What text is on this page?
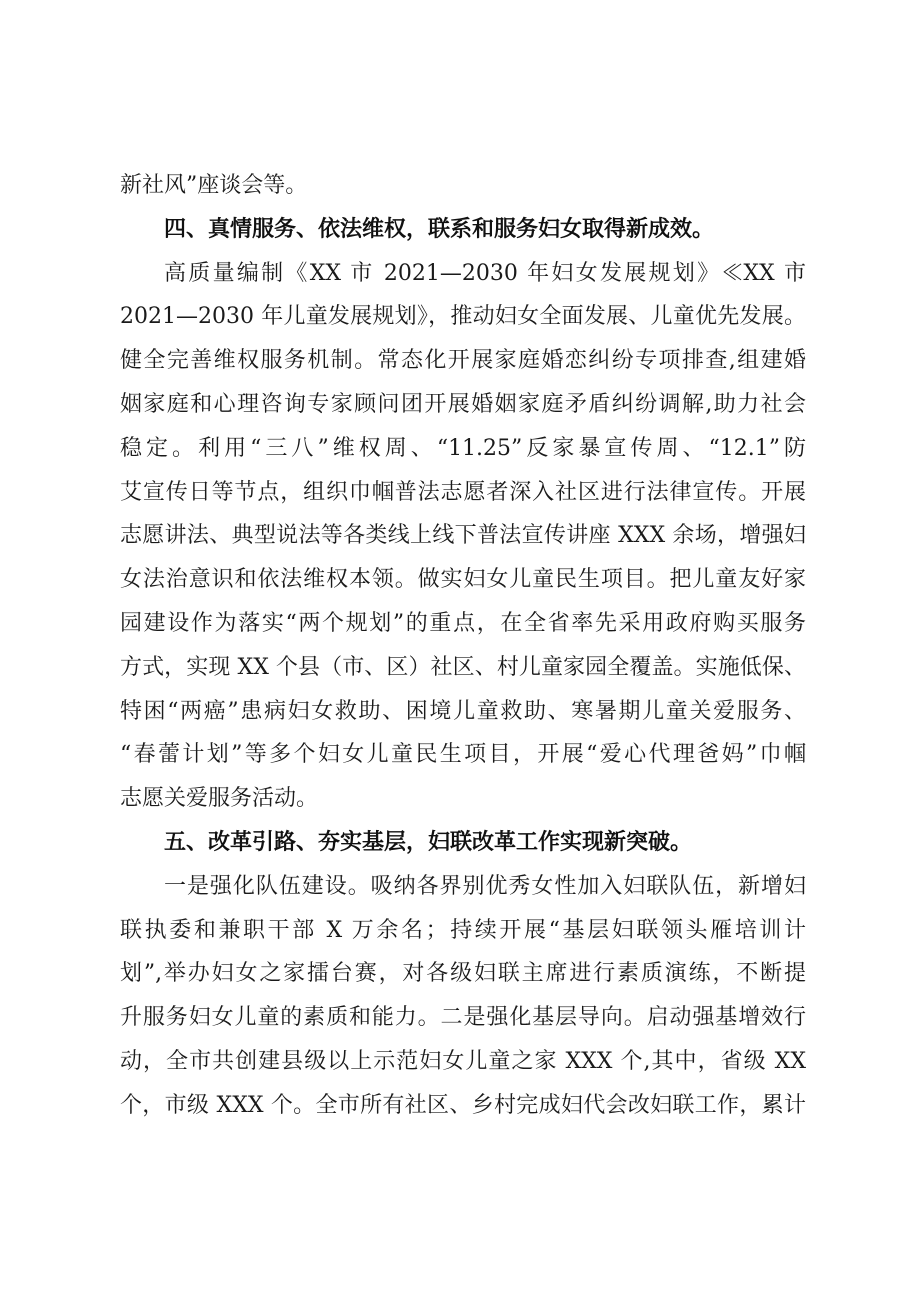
新社风”座谈会等。
四、真情服务、依法维权，联系和服务妇女取得新成效。
高质量编制《XX 市 2021—2030 年妇女发展规划》≪XX 市
2021—2030 年儿童发展规划》，推动妇女全面发展、儿童优先发展。
健全完善维权服务机制。常态化开展家庭婚恋纠纷专项排查,组建婚
姻家庭和心理咨询专家顾问团开展婚姻家庭矛盾纠纷调解,助力社会
稳定。利用“三八”维权周、“11.25”反家暴宣传周、“12.1”防
艾宣传日等节点，组织巾帼普法志愿者深入社区进行法律宣传。开展
志愿讲法、典型说法等各类线上线下普法宣传讲座 XXX 余场，增强妇
女法治意识和依法维权本领。做实妇女儿童民生项目。把儿童友好家
园建设作为落实“两个规划”的重点，在全省率先采用政府购买服务
方式，实现 XX 个县（市、区）社区、村儿童家园全覆盖。实施低保、
特困“两癌”患病妇女救助、困境儿童救助、寒暑期儿童关爱服务、
“春蕾计划”等多个妇女儿童民生项目，开展“爱心代理爸妈”巾帼
志愿关爱服务活动。
五、改革引路、夯实基层，妇联改革工作实现新突破。
一是强化队伍建设。吸纳各界别优秀女性加入妇联队伍，新增妇
联执委和兼职干部 X 万余名；持续开展“基层妇联领头雁培训计
划”,举办妇女之家擂台赛，对各级妇联主席进行素质演练，不断提
升服务妇女儿童的素质和能力。二是强化基层导向。启动强基增效行
动，全市共创建县级以上示范妇女儿童之家 XXX 个,其中，省级 XX
个，市级 XXX 个。全市所有社区、乡村完成妇代会改妇联工作，累计
